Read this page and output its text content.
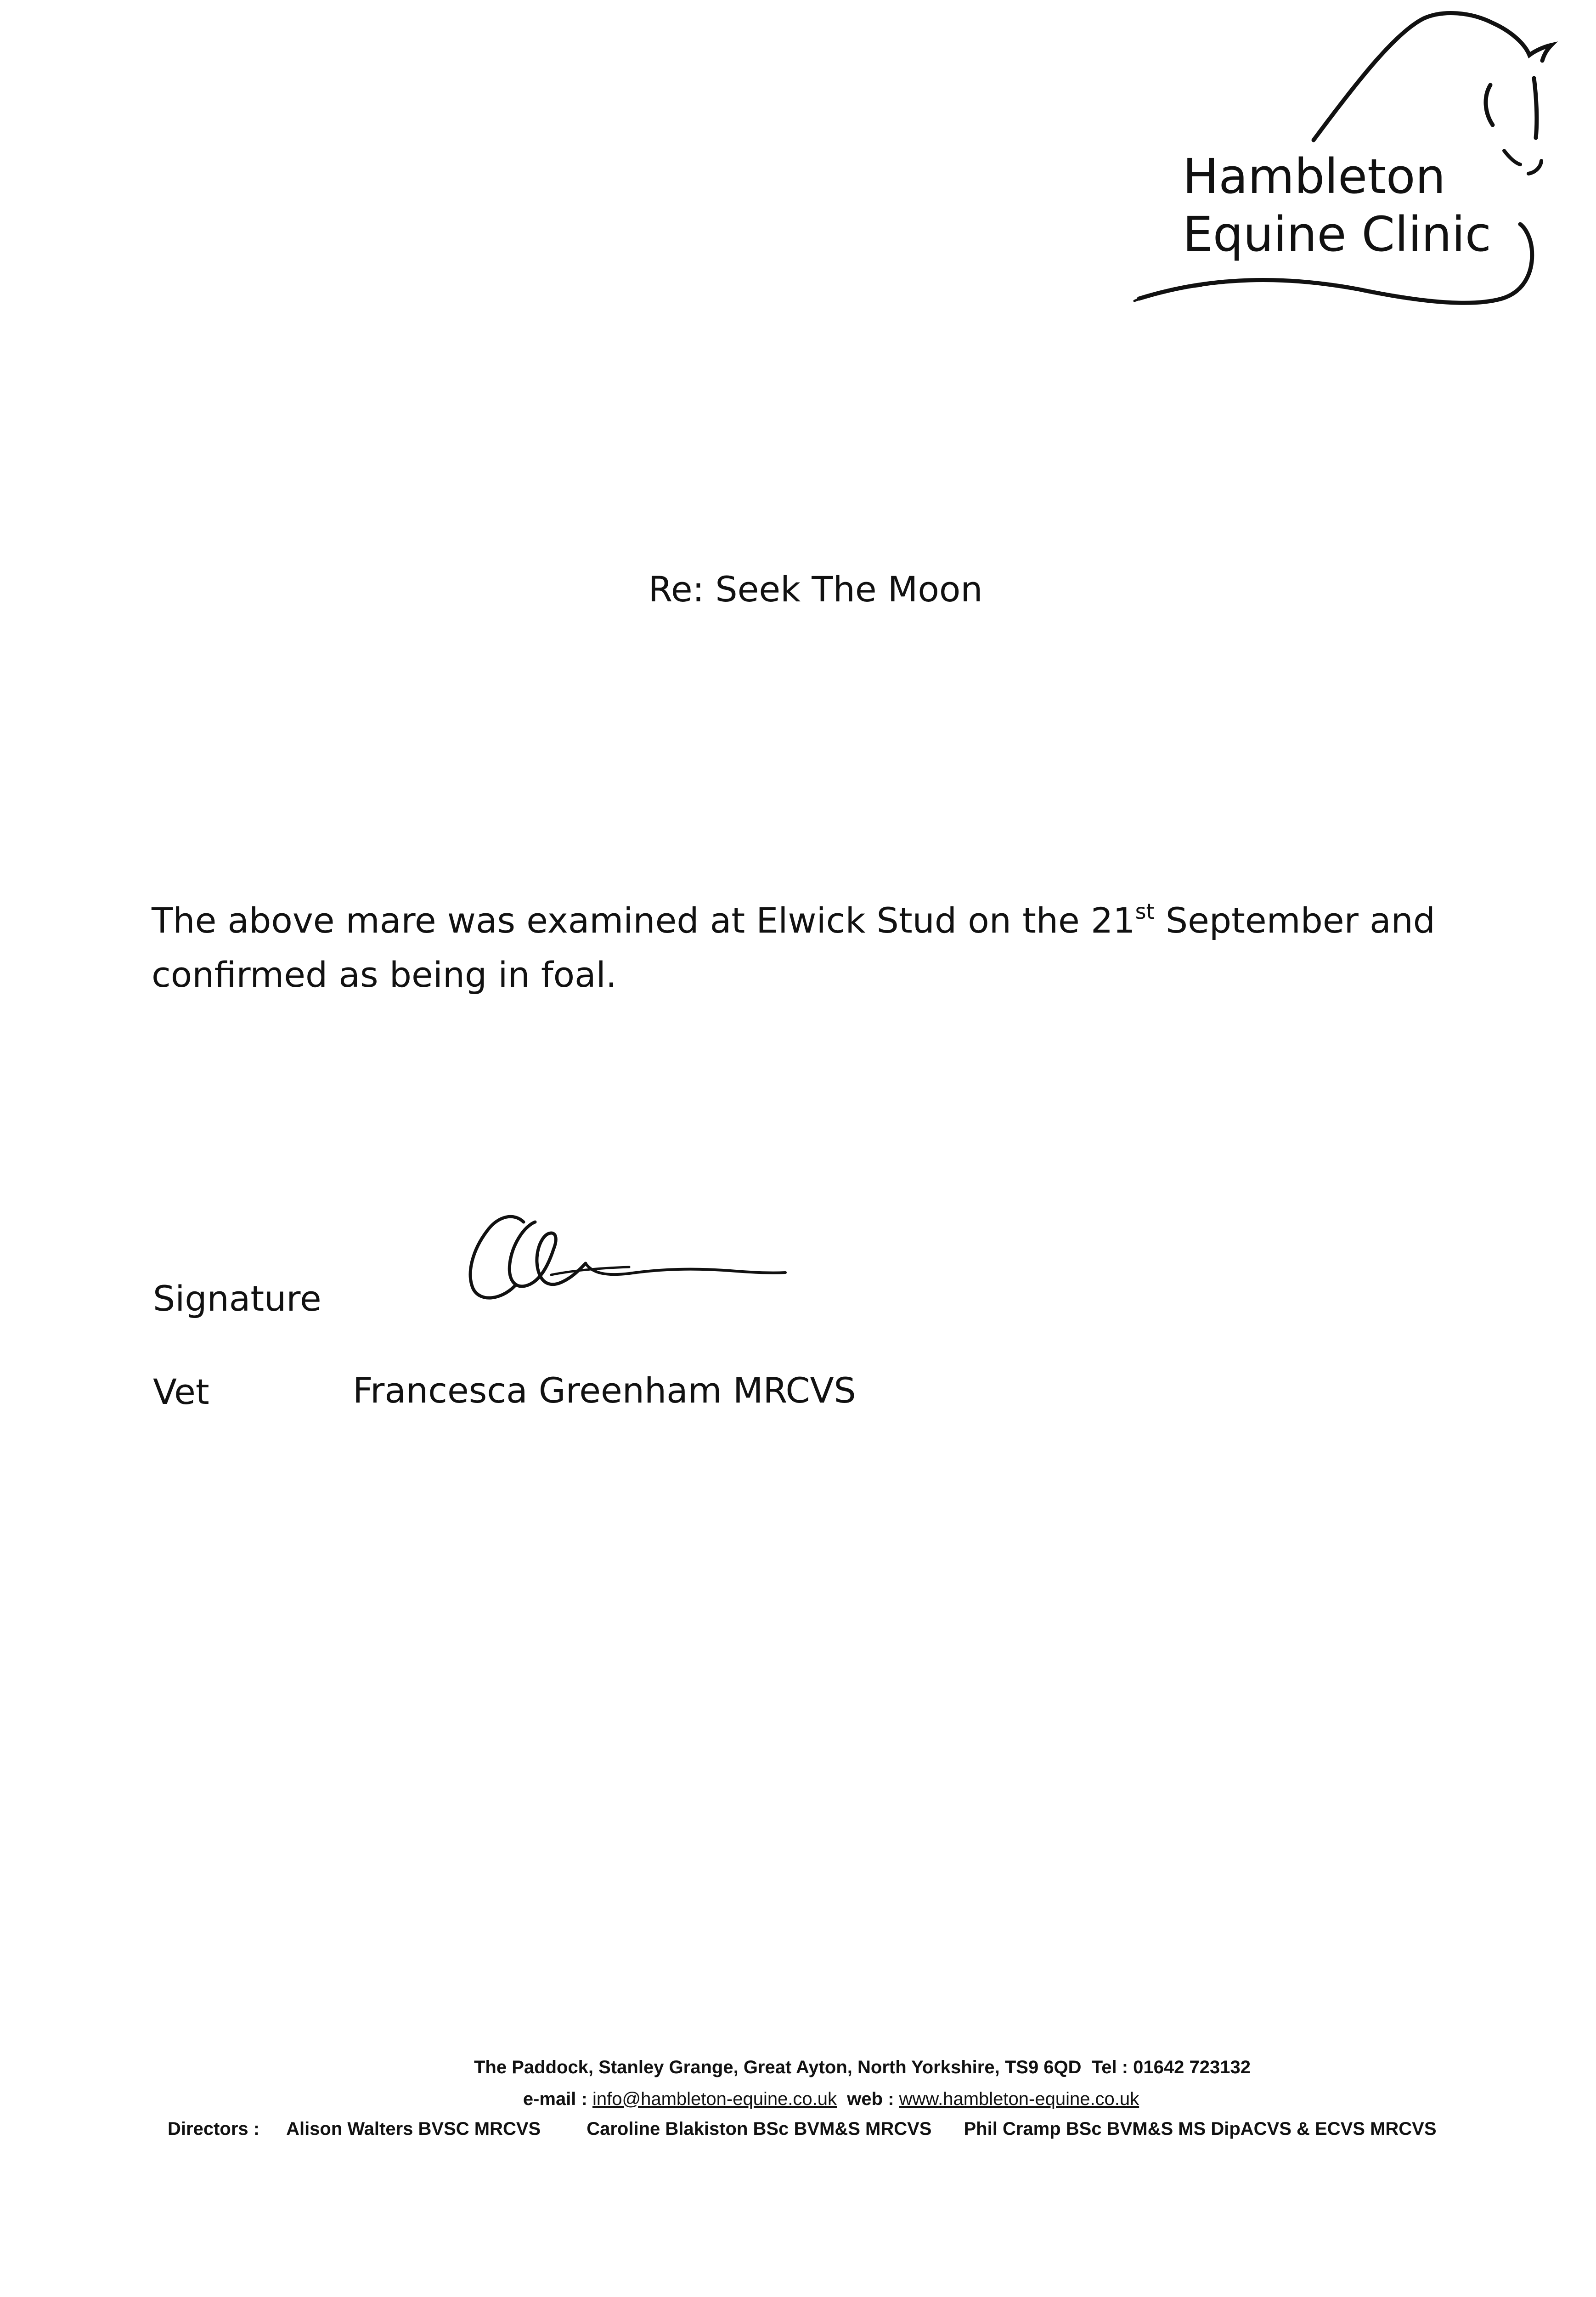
Hambleton
Equine Clinic
Re: Seek The Moon
The above mare was examined at Elwick Stud on the 21st September and confirmed as being in foal.
Signature
Vet	Francesca Greenham MRCVS
The Paddock, Stanley Grange, Great Ayton, North Yorkshire, TS9 6QD Tel : 01642 723132
e-mail : info@hambleton-equine.co.uk web : www.hambleton-equine.co.uk
Directors : Alison Walters BVSC MRCVS	Caroline Blakiston BSc BVM&S MRCVS Phil Cramp BSc BVM&S MS DipACVS & ECVS MRCVS
